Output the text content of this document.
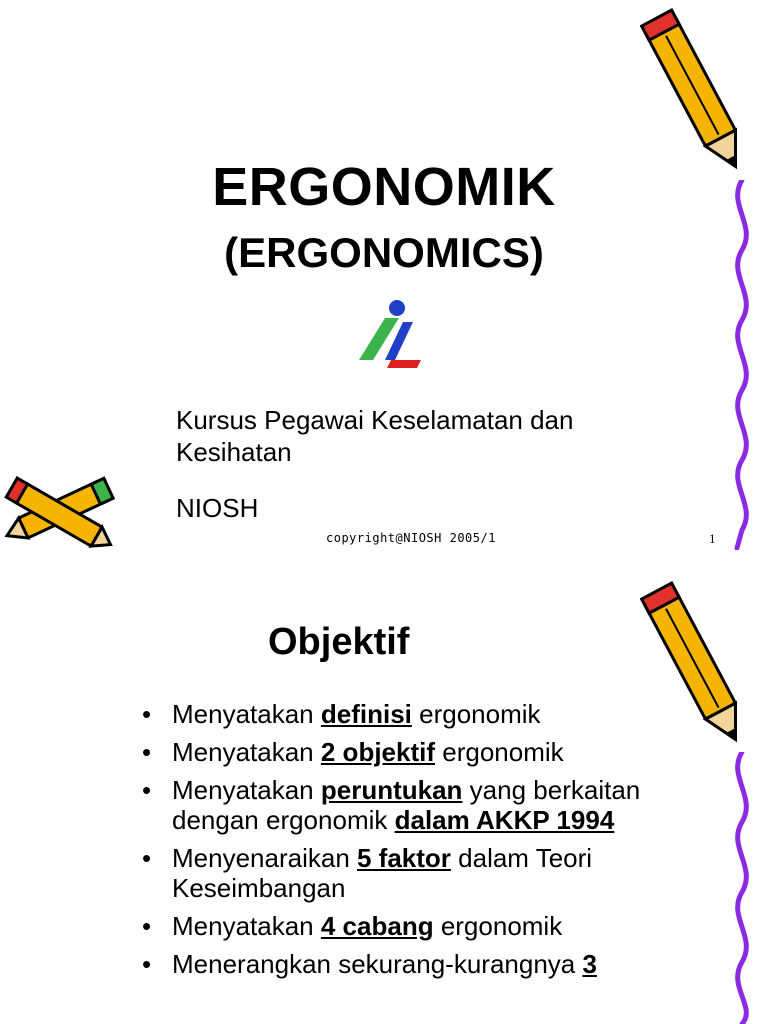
ERGONOMIK
(ERGONOMICS)
Kursus Pegawai Keselamatan dan Kesihatan
NIOSH
copyright@NIOSH 2005/1	1
Objektif
• Menyatakan definisi ergonomik
• Menyatakan 2 objektif ergonomik
• Menyatakan peruntukan yang berkaitan dengan ergonomik dalam AKKP 1994
• Menyenaraikan 5 faktor dalam Teori Keseimbangan
• Menyatakan 4 cabang ergonomik
• Menerangkan sekurang-kurangnya 3
